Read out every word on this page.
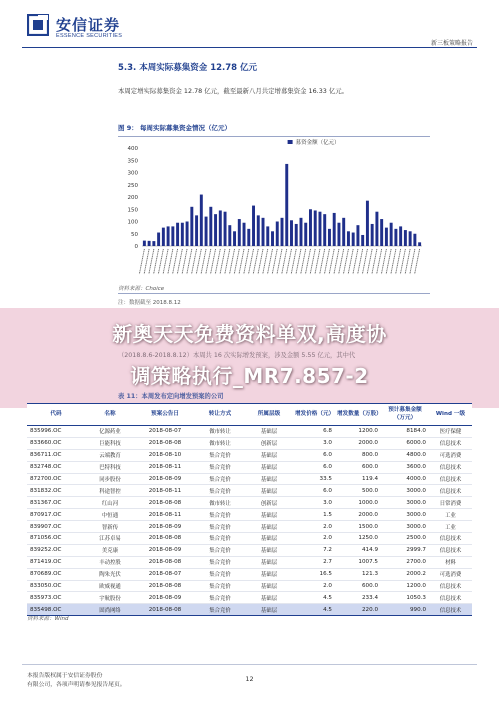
安信证券
ESSENCE SECURITIES
新三板策略报告
5.3. 本周实际募集资金 12.78 亿元
本周定增实际募集资金 12.78 亿元，截至最新八月共定增募集资金 16.33 亿元。
图 9： 每周实际募集资金情况（亿元）
0
50
100
150
200
250
300
350
400
募资金额（亿元）
资料来源：Choice
注：数据截至 2018.8.12
（2018.8.6-2018.8.12）本周共 16 次实际增发预案，涉及金额 5.55 亿元，其中代
表 11：本周发布定向增发预案的公司
新奥天天免费资料单双,高度协
调策略执行_MR7.857-2
代码	名称	预案公告日	转让方式	所属层级	增发价格（元）	增发数量（万股）	预计募集金额（万元）	Wind 一级
835996.OC	亿源药业	2018-08-07	做市转让	基础层	6.8	1200.0	8184.0	医疗保健
833660.OC	巨能科技	2018-08-08	做市转让	创新层	3.0	2000.0	6000.0	信息技术
836711.OC	云端教育	2018-08-10	集合竞价	基础层	6.0	800.0	4800.0	可选消费
832748.OC	巴特科技	2018-08-11	集合竞价	基础层	6.0	600.0	3600.0	信息技术
872700.OC	同步股份	2018-08-09	集合竞价	基础层	33.5	119.4	4000.0	信息技术
831832.OC	科途智控	2018-08-11	集合竞价	基础层	6.0	500.0	3000.0	信息技术
831367.OC	红山河	2018-08-08	做市转让	创新层	3.0	1000.0	3000.0	日常消费
870917.OC	中恒通	2018-08-11	集合竞价	基础层	1.5	2000.0	3000.0	工业
839907.OC	智新传	2018-08-09	集合竞价	基础层	2.0	1500.0	3000.0	工业
871056.OC	江苏卓易	2018-08-08	集合竞价	基础层	2.0	1250.0	2500.0	信息技术
839252.OC	美克康	2018-08-09	集合竞价	基础层	7.2	414.9	2999.7	信息技术
871419.OC	丰动控股	2018-08-08	集合竞价	基础层	2.7	1007.5	2700.0	材料
870689.OC	陶朱光伏	2018-08-07	集合竞价	基础层	16.5	121.3	2000.2	可选消费
833050.OC	欧威视通	2018-08-08	集合竞价	基础层	2.0	600.0	1200.0	信息技术
835973.OC	宇航股份	2018-08-09	集合竞价	基础层	4.5	233.4	1050.3	信息技术
835498.OC	固尚网络	2018-08-08	集合竞价	基础层	4.5	220.0	990.0	信息技术
资料来源：Wind
本报告版权属于安信证券股份
有限公司，各项声明请参见报告尾页。
12
